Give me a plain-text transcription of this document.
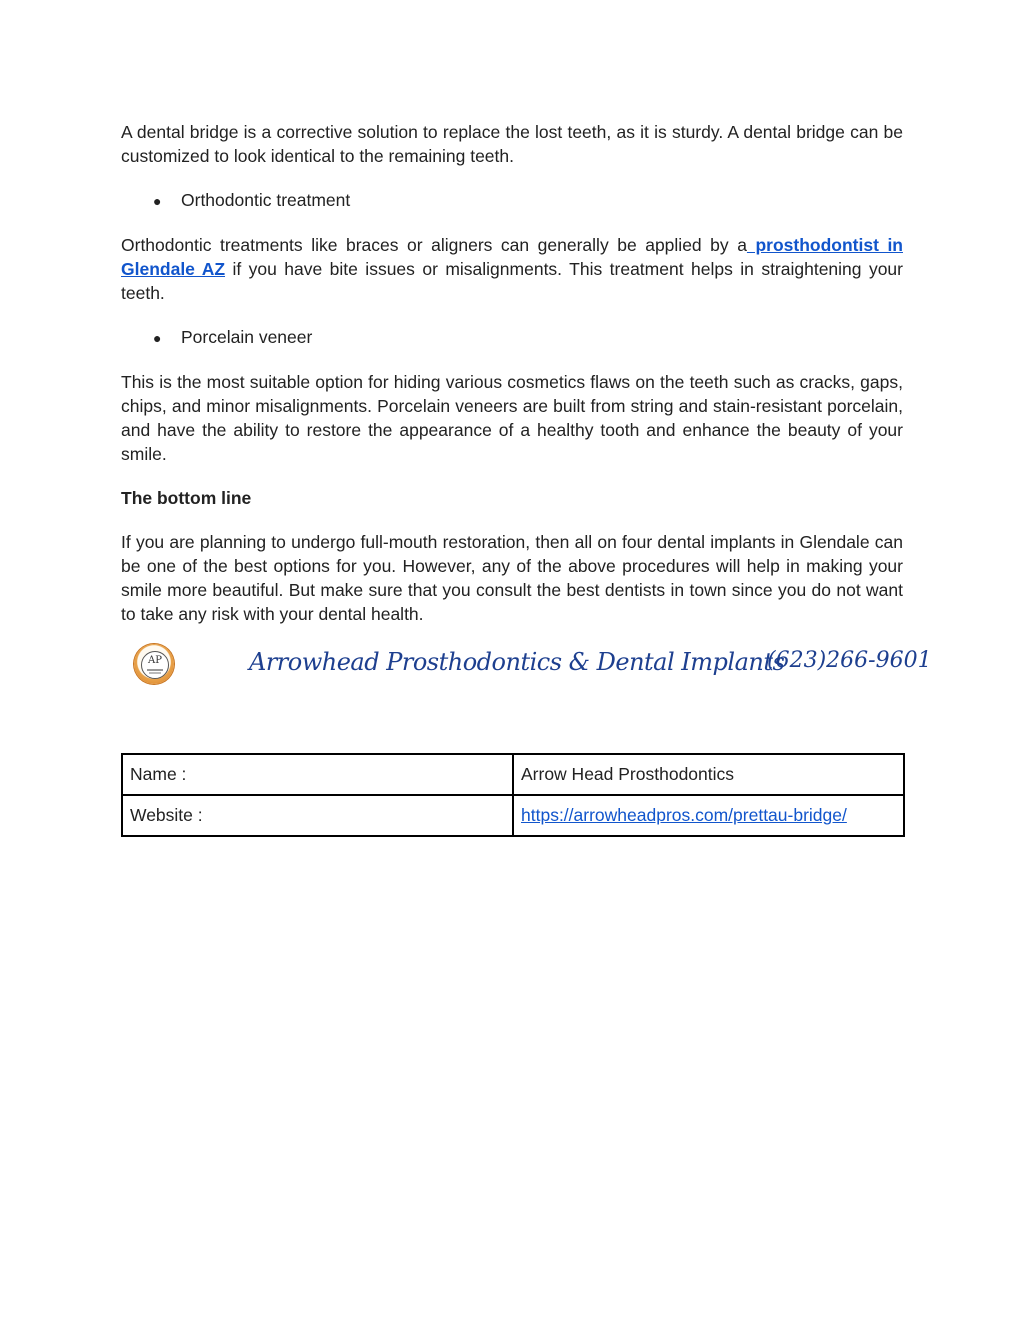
A dental bridge is a corrective solution to replace the lost teeth, as it is sturdy. A dental bridge can be customized to look identical to the remaining teeth.

●	Orthodontic treatment

Orthodontic treatments like braces or aligners can generally be applied by a prosthodontist in Glendale AZ if you have bite issues or misalignments. This treatment helps in straightening your teeth.

●	Porcelain veneer

This is the most suitable option for hiding various cosmetics flaws on the teeth such as cracks, gaps, chips, and minor misalignments. Porcelain veneers are built from string and stain-resistant porcelain, and have the ability to restore the appearance of a healthy tooth and enhance the beauty of your smile.

The bottom line

If you are planning to undergo full-mouth restoration, then all on four dental implants in Glendale can be one of the best options for you. However, any of the above procedures will help in making your smile more beautiful. But make sure that you consult the best dentists in town since you do not want to take any risk with your dental health.

AP	Arrowhead Prosthodontics & Dental Implants
(623)266-9601
Name :	Arrow Head Prosthodontics
Website :	https://arrowheadpros.com/prettau-bridge/
